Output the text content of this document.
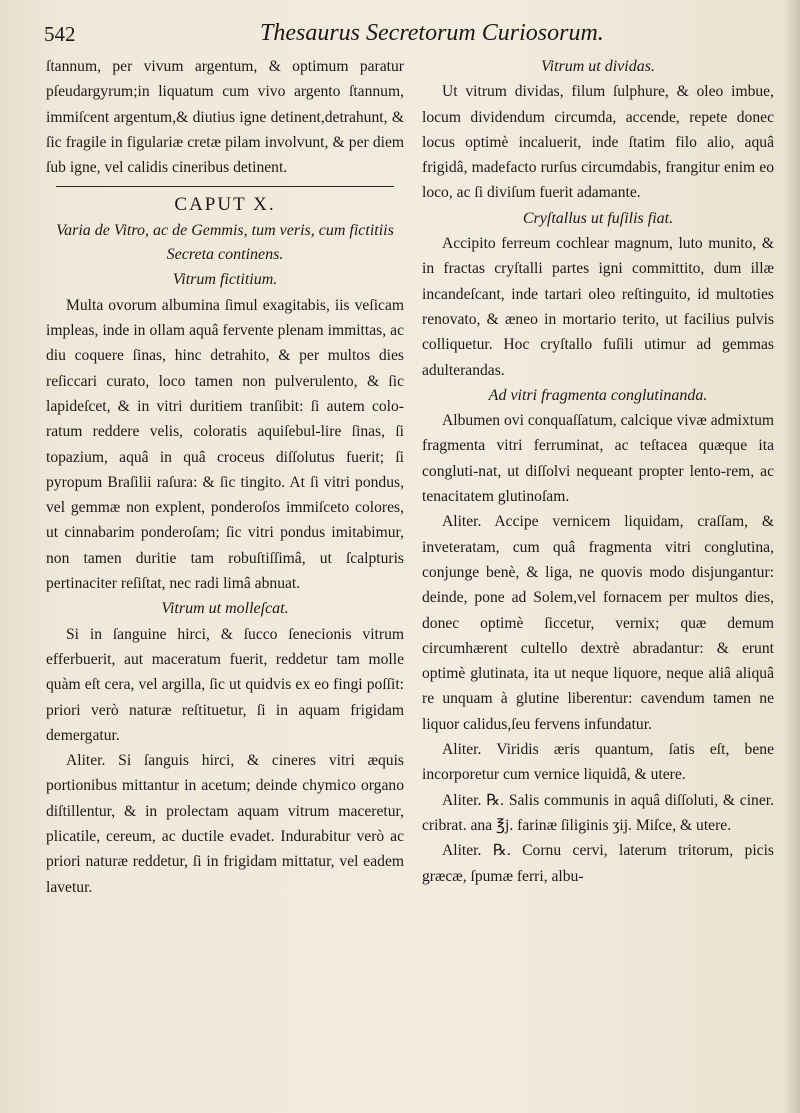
542	Thesaurus Secretorum Curiosorum.

ſtannum, per vivum argentum, & optimum paratur pſeudargyrum;in liquatum cum vivo argento ſtannum, immiſcent argentum,& diutius igne detinent,detrahunt, & ſic fragile in figulariæ cretæ pilam involvunt, & per diem ſub igne, vel calidis cineribus detinent.

CAPUT X.
Varia de Vitro, ac de Gemmis, tum veris, cum fictitiis Secreta continens.
Vitrum fictitium.

Multa ovorum albumina ſimul exagitabis, iis veſicam impleas, inde in ollam aquâ fervente plenam immittas, ac diu coquere ſinas, hinc detrahito, & per multos dies reſiccari curato, loco tamen non pulverulento, & ſic lapideſcet, & in vitri duritiem tranſibit: ſi autem colo-ratum reddere velis, coloratis aquiſebul-lire ſinas, ſi topazium, aquâ in quâ croceus diſſolutus fuerit; ſi pyropum Braſilii raſura: & ſic tingito. At ſi vitri pondus, vel gemmæ non explent, ponderoſos immiſceto colores, ut cinnabarim ponderoſam; ſic vitri pondus imitabimur, non tamen duritie tam robuſtiſſimâ, ut ſcalpturis pertinaciter reſiſtat, nec radi limâ abnuat.

Vitrum ut molleſcat.

Si in ſanguine hirci, & ſucco ſenecionis vitrum efferbuerit, aut maceratum fuerit, reddetur tam molle quàm eſt cera, vel argilla, ſic ut quidvis ex eo fingi poſſit: priori verò naturæ reſtituetur, ſi in aquam frigidam demergatur.

Aliter. Si ſanguis hirci, & cineres vitri æquis portionibus mittantur in acetum; deinde chymico organo diſtillentur, & in prolectam aquam vitrum maceretur, plicatile, cereum, ac ductile evadet. Indurabitur verò ac priori naturæ reddetur, ſi in frigidam mittatur, vel eadem lavetur.

Vitrum ut dividas.

Ut vitrum dividas, filum ſulphure, & oleo imbue, locum dividendum circumda, accende, repete donec locus optimè incaluerit, inde ſtatim filo alio, aquâ frigidâ, madefacto rurſus circumdabis, frangitur enim eo loco, ac ſi diviſum fuerit adamante.

Cryſtallus ut fuſilis fiat.

Accipito ferreum cochlear magnum, luto munito, & in fractas cryſtalli partes igni committito, dum illæ incandeſcant, inde tartari oleo reſtinguito, id multoties renovato, & æneo in mortario terito, ut facilius pulvis colliquetur. Hoc cryſtallo fuſili utimur ad gemmas adulterandas.

Ad vitri fragmenta conglutinanda.

Albumen ovi conquaſſatum, calcique vivæ admixtum fragmenta vitri ferruminat, ac teſtacea quæque ita congluti-nat, ut diſſolvi nequeant propter lento-rem, ac tenacitatem glutinoſam.

Aliter. Accipe vernicem liquidam, craſſam, & inveteratam, cum quâ fragmenta vitri conglutina, conjunge benè, & liga, ne quovis modo disjungantur: deinde, pone ad Solem,vel fornacem per multos dies, donec optimè ſiccetur, vernix; quæ demum circumhærent cultello dextrè abradantur: & erunt optimè glutinata, ita ut neque liquore, neque aliâ aliquâ re unquam à glutine liberentur: cavendum tamen ne liquor calidus,ſeu fervens infundatur.

Aliter. Viridis æris quantum, ſatis eſt, bene incorporetur cum vernice liquidâ, & utere.

Aliter. ℞. Salis communis in aquâ diſſoluti, & ciner. cribrat. ana ℥j. farinæ ſiliginis ʒij. Miſce, & utere.

Aliter. ℞. Cornu cervi, laterum tritorum, picis græcæ, ſpumæ ferri, albu-
